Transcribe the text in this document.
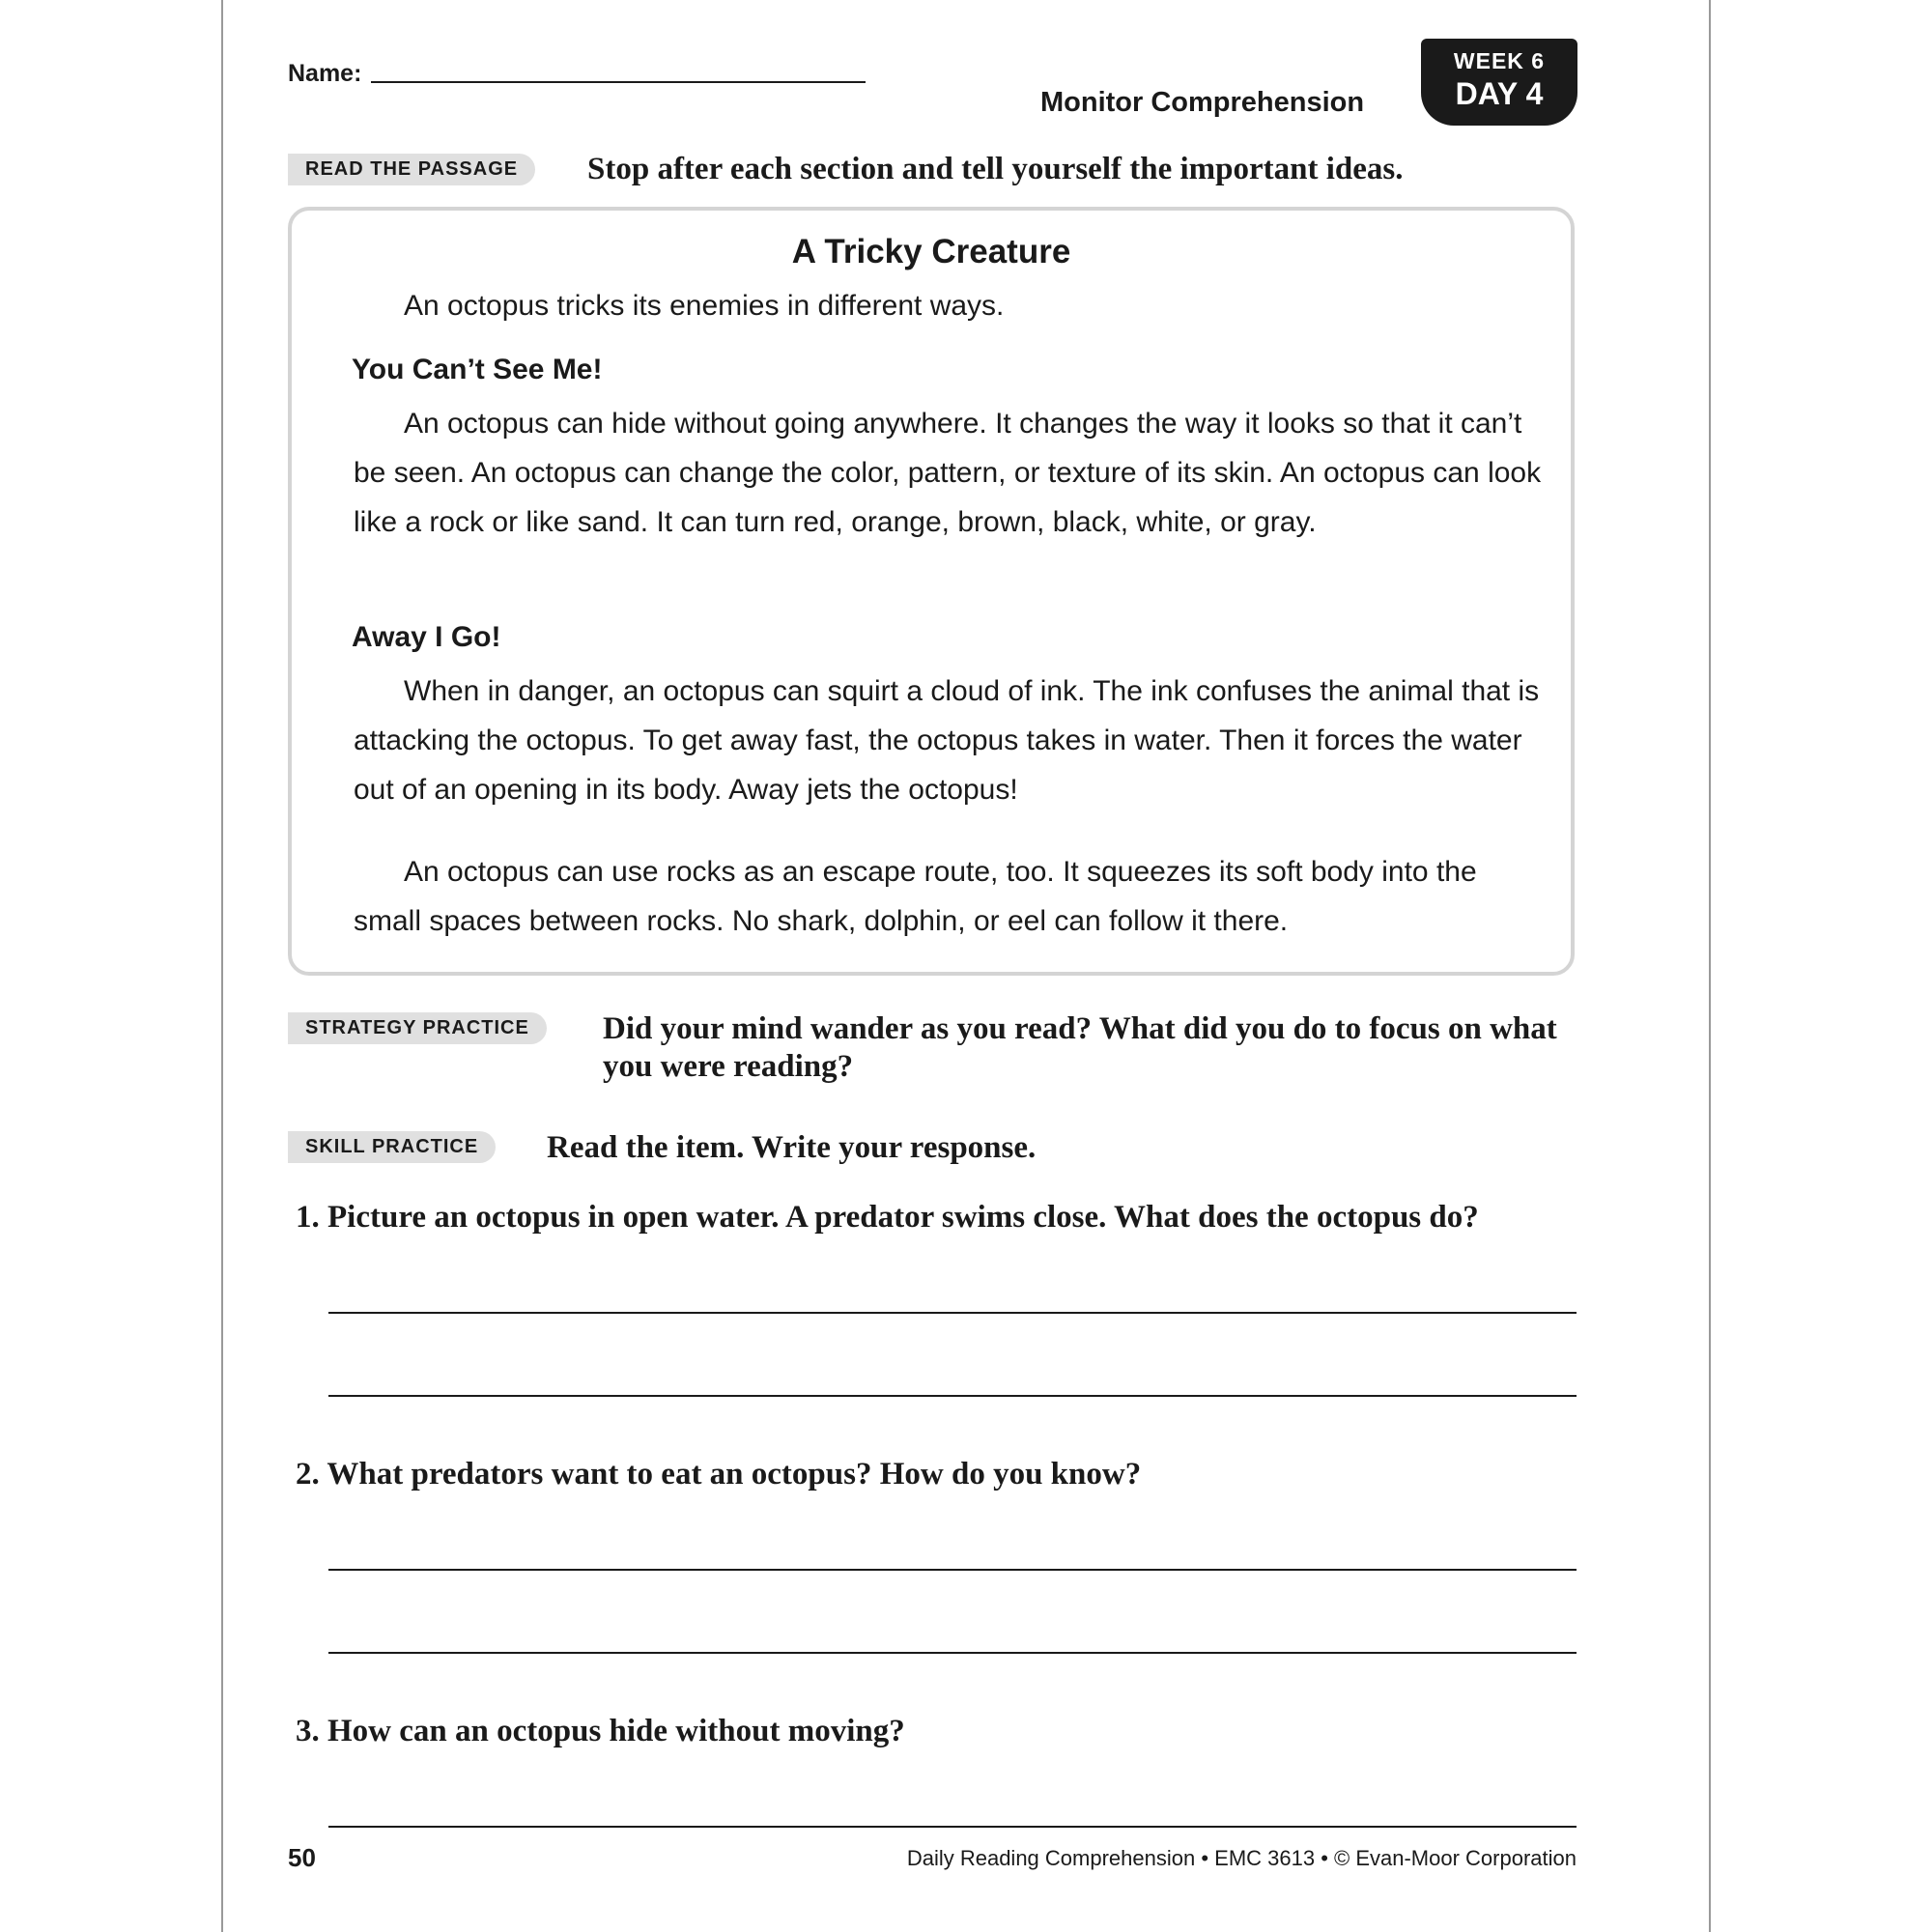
Name:
Monitor Comprehension
WEEK 6
DAY 4
READ THE PASSAGE	Stop after each section and tell yourself the important ideas.
A Tricky Creature
An octopus tricks its enemies in different ways.
You Can’t See Me!
An octopus can hide without going anywhere. It changes the way it looks so that it can’t be seen. An octopus can change the color, pattern, or texture of its skin. An octopus can look like a rock or like sand. It can turn red, orange, brown, black, white, or gray.
Away I Go!
When in danger, an octopus can squirt a cloud of ink. The ink confuses the animal that is attacking the octopus. To get away fast, the octopus takes in water. Then it forces the water out of an opening in its body. Away jets the octopus!
An octopus can use rocks as an escape route, too. It squeezes its soft body into the small spaces between rocks. No shark, dolphin, or eel can follow it there.
STRATEGY PRACTICE	Did your mind wander as you read? What did you do to focus on what you were reading?
SKILL PRACTICE	Read the item. Write your response.
1. Picture an octopus in open water. A predator swims close. What does the octopus do?
2. What predators want to eat an octopus? How do you know?
3. How can an octopus hide without moving?
50	Daily Reading Comprehension • EMC 3613 • © Evan-Moor Corporation
